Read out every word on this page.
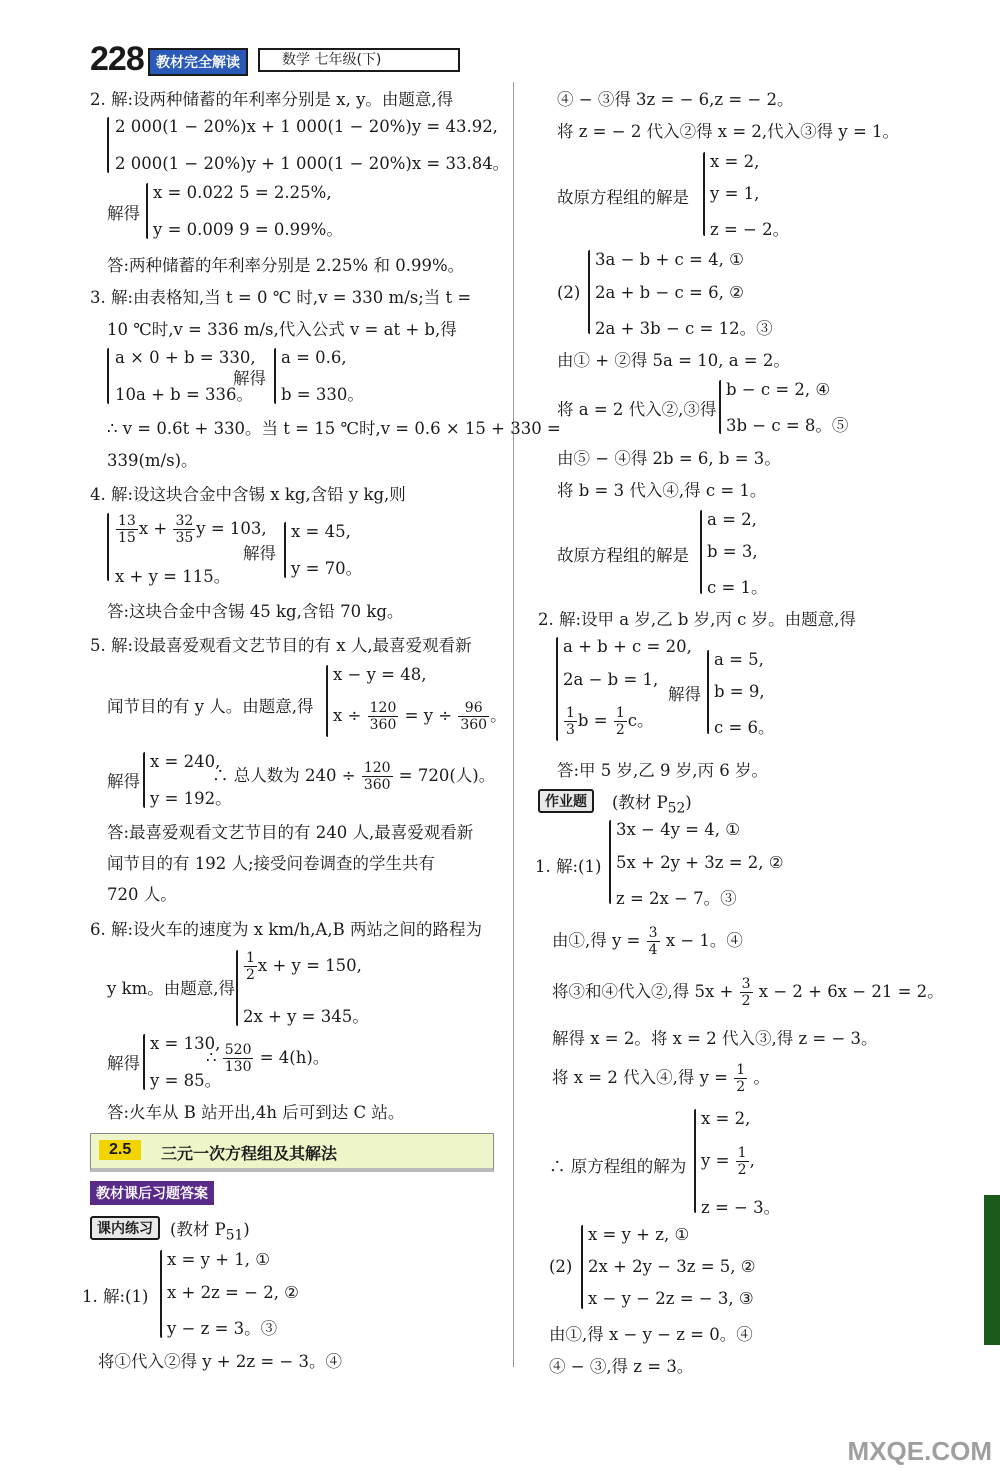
228 教材完全解读	数学 七年级(下)
2. 解:设两种储蓄的年利率分别是 x, y。由题意,得
2 000(1 − 20%)x + 1 000(1 − 20%)y = 43.92,
2 000(1 − 20%)y + 1 000(1 − 20%)x = 33.84。
解得
x = 0.022 5 = 2.25%,
y = 0.009 9 = 0.99%。
答:两种储蓄的年利率分别是 2.25% 和 0.99%。
3. 解:由表格知,当 t = 0 ℃ 时,v = 330 m/s;当 t =
10 ℃时,v = 336 m/s,代入公式 v = at + b,得
a × 0 + b = 330,
10a + b = 336。
解得
a = 0.6,
b = 330。
∴ v = 0.6t + 330。当 t = 15 ℃时,v = 0.6 × 15 + 330 =
339(m/s)。
4. 解:设这块合金中含锡 x kg,含铅 y kg,则
$\frac{13}{15}$ $x + \frac{32}{35}$ y = 103,
x + y = 115。
解得
x = 45,
y = 70。
答:这块合金中含锡 45 kg,含铅 70 kg。
5. 解:设最喜爱观看文艺节目的有 x 人,最喜爱观看新
闻节目的有 y 人。由题意,得
x − y = 48,
$x \div \frac{120}{360} = y \div \frac{96}{360}$ 。
解得
x = 240,
y = 192。
∴ 总人数为 $240 \div \frac{120}{360} = 720$(人)。
答:最喜爱观看文艺节目的有 240 人,最喜爱观看新
闻节目的有 192 人;接受问卷调查的学生共有
720 人。
6. 解:设火车的速度为 x km/h,A,B 两站之间的路程为
y km。由题意,得
$\frac{1}{2}$ x + y = 150,
2x + y = 345。
解得
x = 130,
y = 85。
∴ $\frac{520}{130} = 4(h)$。
答:火车从 B 站开出,4h 后可到达 C 站。
2.5	三元一次方程组及其解法
教材课后习题答案
课内练习	(教材 $P_{51}$)
1. 解:(1)
x = y + 1, ①
x + 2z = − 2, ②
y − z = 3。③
将①代入②得 y + 2z = − 3。④
④ − ③得 3z = − 6,z = − 2。
将 z = − 2 代入②得 x = 2,代入③得 y = 1。
故原方程组的解是
x = 2,
y = 1,
z = − 2。
(2)
3a − b + c = 4, ①
2a + b − c = 6, ②
2a + 3b − c = 12。③
由① + ②得 5a = 10, a = 2。
将 a = 2 代入②,③得
b − c = 2, ④
3b − c = 8。⑤
由⑤ − ④得 2b = 6, b = 3。
将 b = 3 代入④,得 c = 1。
故原方程组的解是
a = 2,
b = 3,
c = 1。
2. 解:设甲 a 岁,乙 b 岁,丙 c 岁。由题意,得
a + b + c = 20,
2a − b = 1,
$\frac{1}{3}$ $b = \frac{1}{2}$ c。
解得
a = 5,
b = 9,
c = 6。
答:甲 5 岁,乙 9 岁,丙 6 岁。
作业题	(教材 $P_{52}$)
1. 解:(1)
3x − 4y = 4, ①
5x + 2y + 3z = 2, ②
z = 2x − 7。③
由①,得 $y = \frac{3}{4}$ x − 1。④
将③和④代入②,得 $5x + \frac{3}{2}$ x − 2 + 6x − 21 = 2。
解得 x = 2。将 x = 2 代入③,得 z = − 3。
将 x = 2 代入④,得 $y = \frac{1}{2}$ 。
∴ 原方程组的解为
x = 2,
$y = \frac{1}{2}$ ,
z = − 3。
(2)
x = y + z, ①
2x + 2y − 3z = 5, ②
x − y − 2z = − 3, ③
由①,得 x − y − z = 0。④
④ − ③,得 z = 3。
MXQE.COM
